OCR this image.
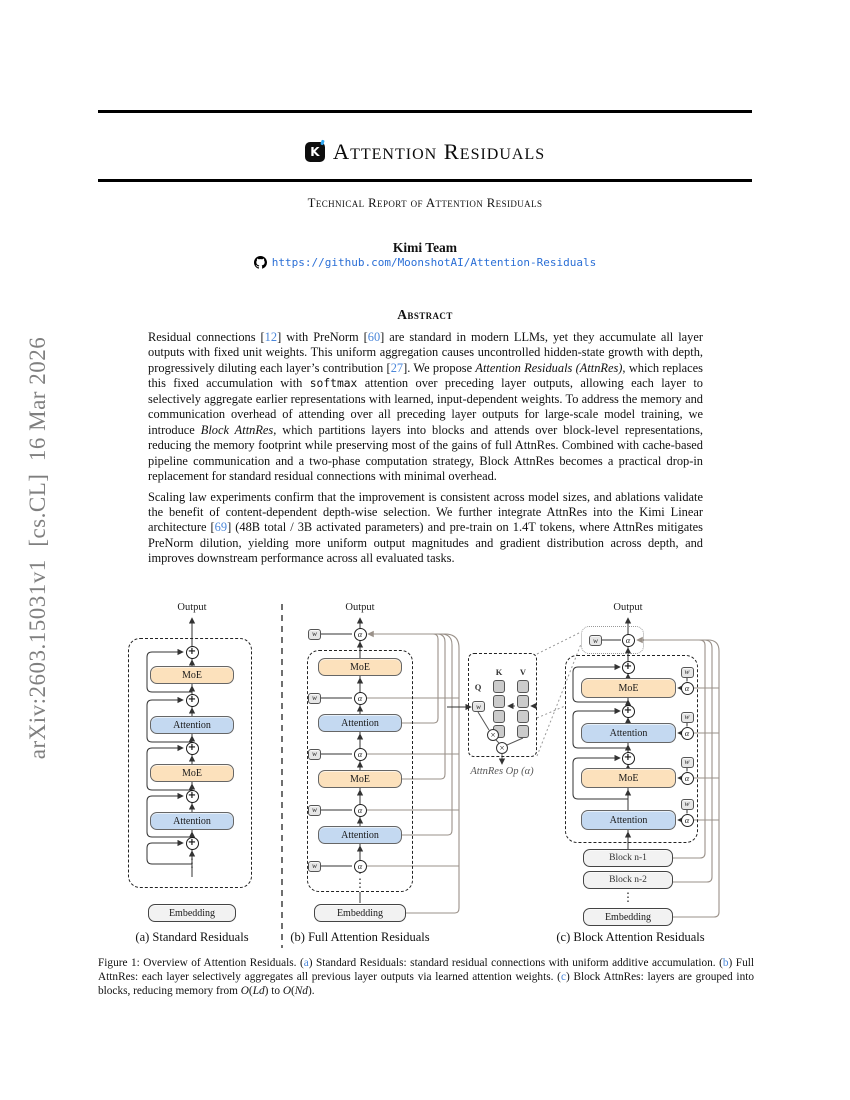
arXiv:2603.15031v1  [cs.CL]  16 Mar 2026
K Attention Residuals
Technical Report of Attention Residuals
Kimi Team
https://github.com/MoonshotAI/Attention-Residuals
Abstract

Residual connections [12] with PreNorm [60] are standard in modern LLMs, yet they accumulate all layer outputs with fixed unit weights. This uniform aggregation causes uncontrolled hidden-state growth with depth, progressively diluting each layer’s contribution [27]. We propose Attention Residuals (AttnRes), which replaces this fixed accumulation with softmax attention over preceding layer outputs, allowing each layer to selectively aggregate earlier representations with learned, input-dependent weights. To address the memory and communication overhead of attending over all preceding layer outputs for large-scale model training, we introduce Block AttnRes, which partitions layers into blocks and attends over block-level representations, reducing the memory footprint while preserving most of the gains of full AttnRes. Combined with cache-based pipeline communication and a two-phase computation strategy, Block AttnRes becomes a practical drop-in replacement for standard residual connections with minimal overhead.

Scaling law experiments confirm that the improvement is consistent across model sizes, and ablations validate the benefit of content-dependent depth-wise selection. We further integrate AttnRes into the Kimi Linear architecture [69] (48B total / 3B activated parameters) and pre-train on 1.4T tokens, where AttnRes mitigates PreNorm dilution, yielding more uniform output magnitudes and gradient distribution across depth, and improves downstream performance across all evaluated tasks.

Output
+
MoE
+
Attention
+
MoE
+
Attention
+
⋮
Embedding
(a) Standard Residuals
Output
w	α
MoE
w	α
Attention
w	α
MoE
w	α
Attention
w	α
⋮
Embedding
(b) Full Attention Residuals
Q
K	V
w
×
×
AttnRes Op (α)
Output
w	α
+
MoE
+
Attention
+
MoE
Attention
w
α
w
α
w
α
w
α
Block n-1
Block n-2
⋮
Embedding
(c) Block Attention Residuals
Figure 1: Overview of Attention Residuals. (a) Standard Residuals: standard residual connections with uniform additive accumulation. (b) Full AttnRes: each layer selectively aggregates all previous layer outputs via learned attention weights. (c) Block AttnRes: layers are grouped into blocks, reducing memory from O(Ld) to O(Nd).
